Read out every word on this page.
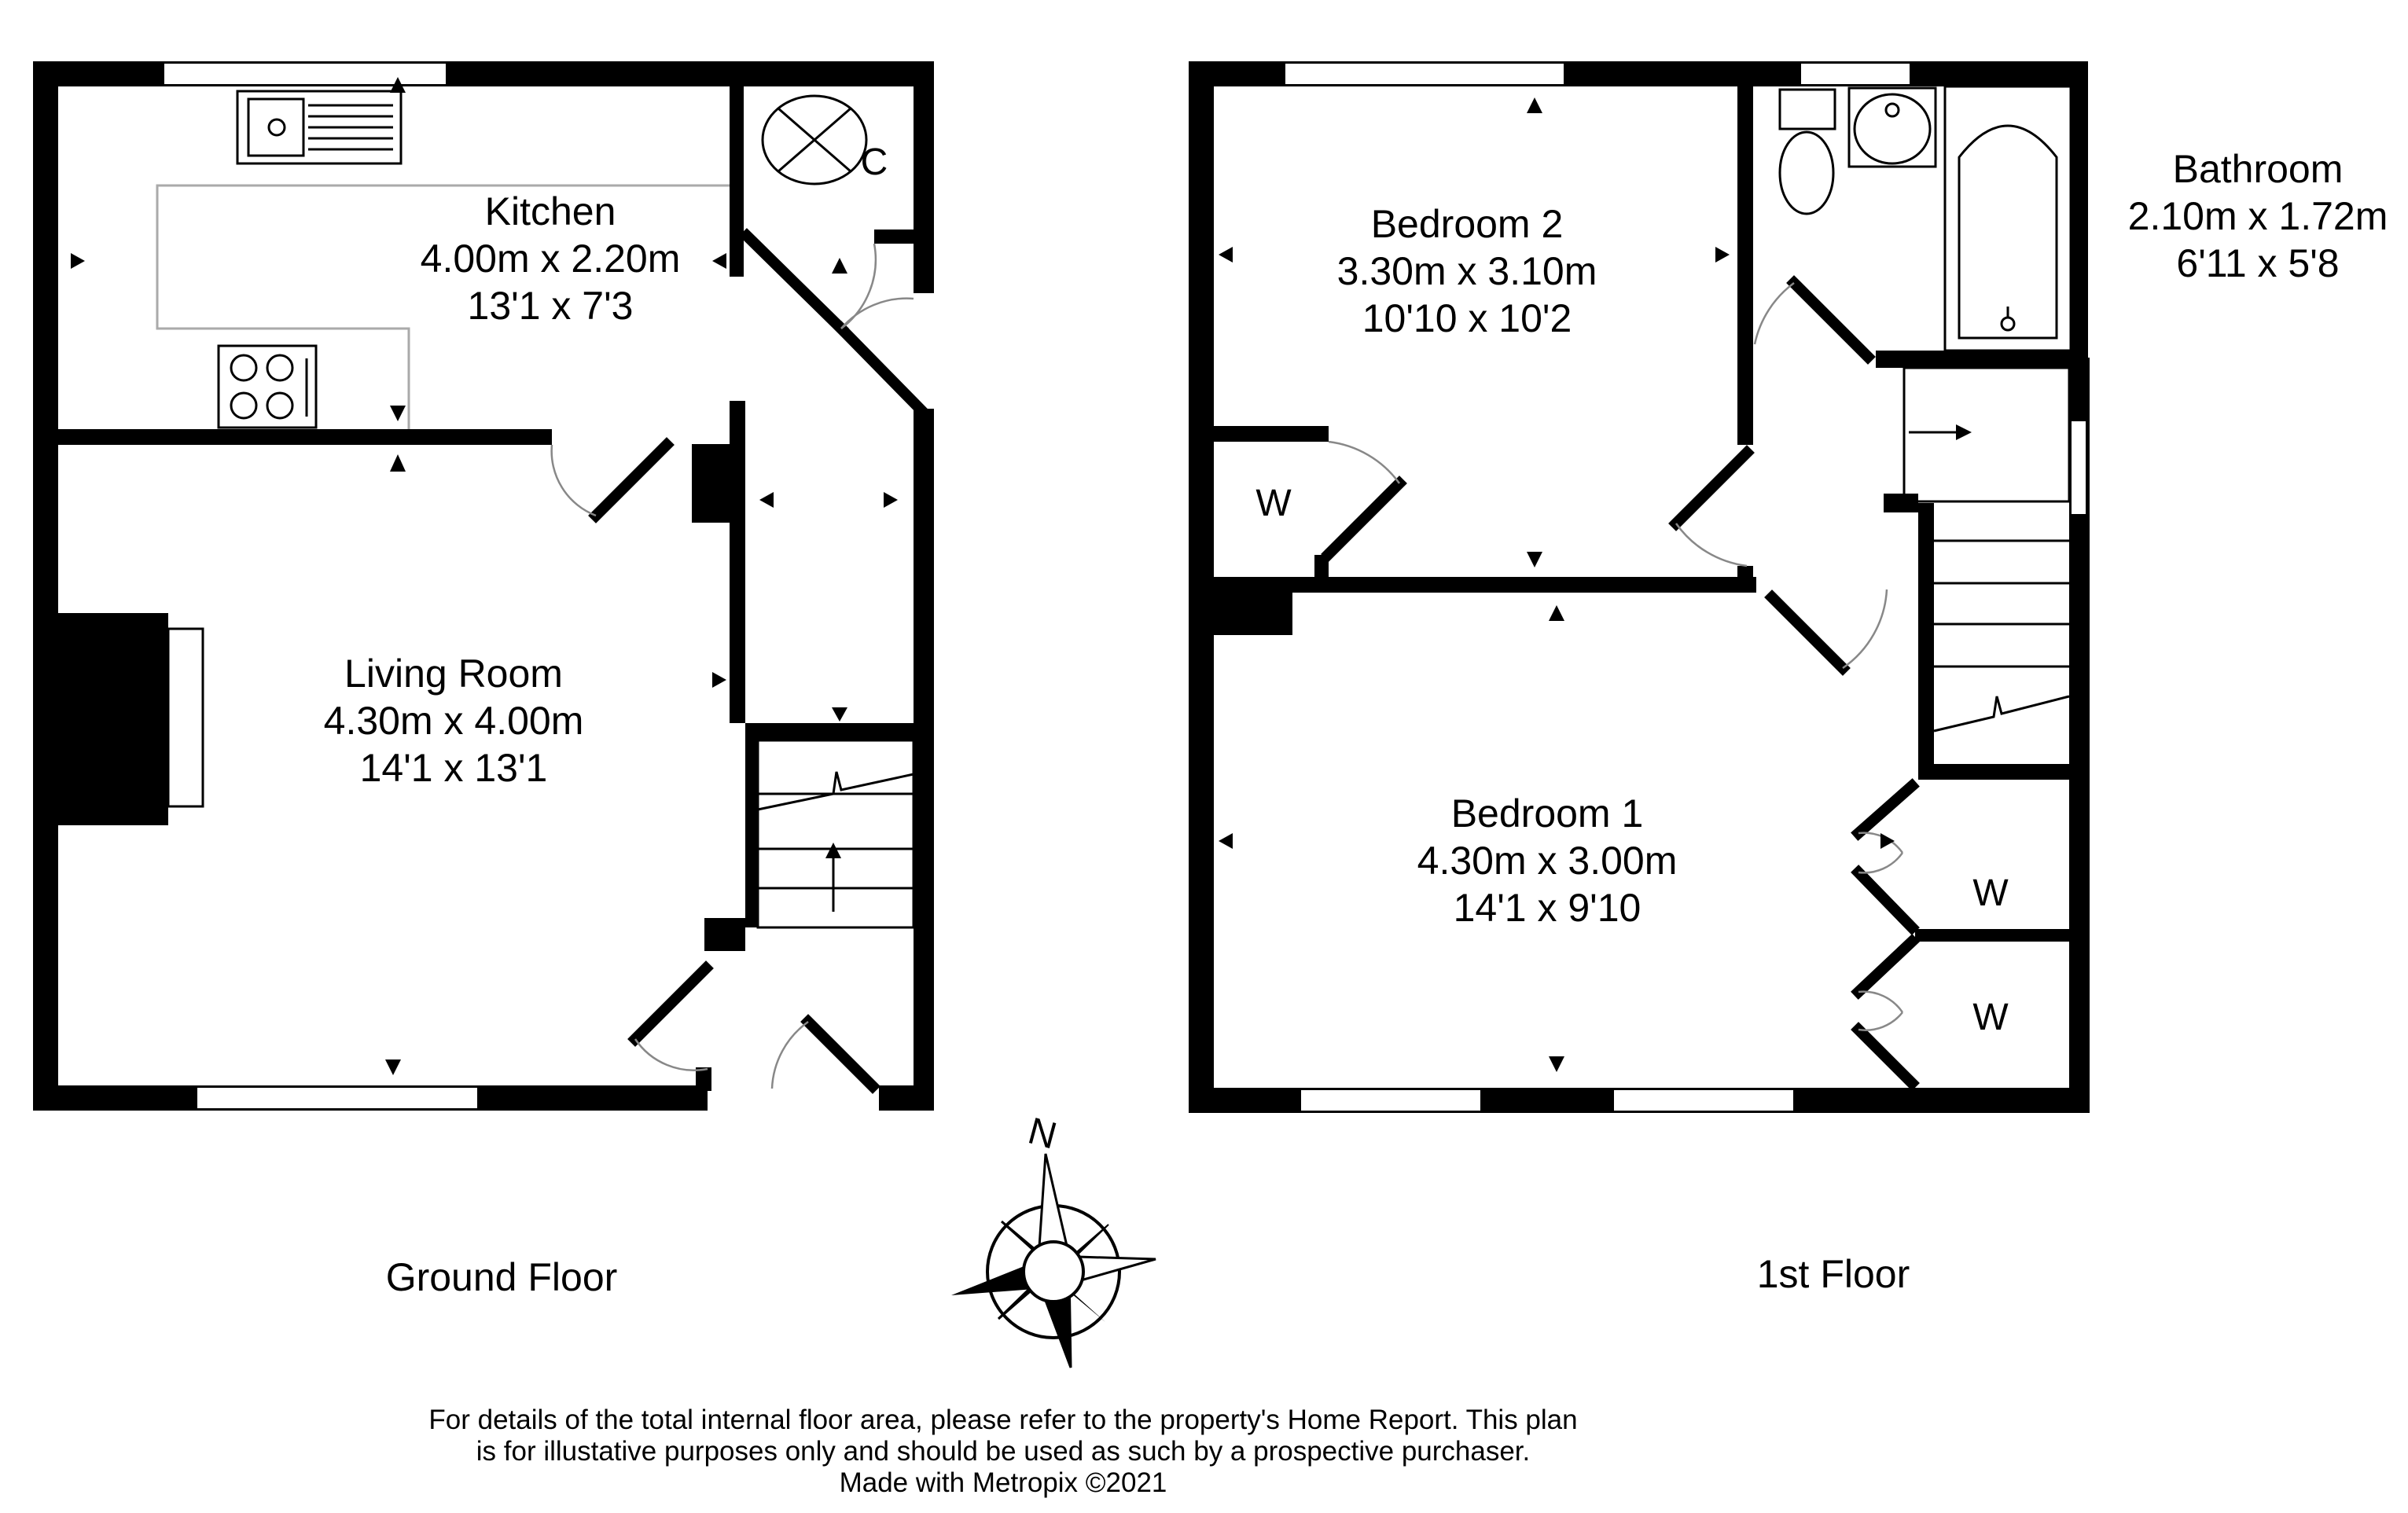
C
Kitchen
4.00m x 2.20m
13'1 x 7'3
Living Room
4.30m x 4.00m
14'1 x 13'1
Ground Floor
Bedroom 2
3.30m x 3.10m
10'10 x 10'2
Bedroom 1
4.30m x 3.00m
14'1 x 9'10
Bathroom
2.10m x 1.72m
6'11 x 5'8
W
W
W
1st Floor
N
For details of the total internal floor area, please refer to the property's Home Report. This plan
is for illustative purposes only and should be used as such by a prospective purchaser.
Made with Metropix ©2021
